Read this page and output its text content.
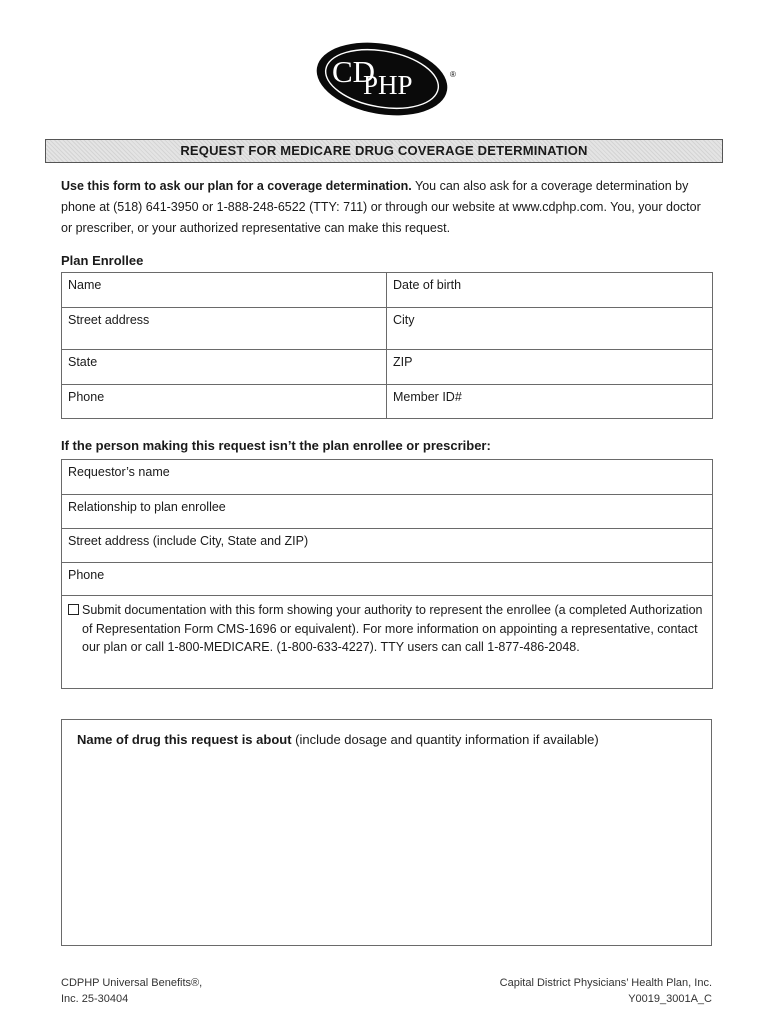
CD
PHP	®
REQUEST FOR MEDICARE DRUG COVERAGE DETERMINATION

Use this form to ask our plan for a coverage determination. You can also ask for a coverage determination by phone at (518) 641-3950 or 1-888-248-6522 (TTY: 711) or through our website at www.cdphp.com. You, your doctor or prescriber, or your authorized representative can make this request.

Plan Enrollee
Name	Date of birth
Street address	City
State	ZIP
Phone	Member ID#
If the person making this request isn’t the plan enrollee or prescriber:
Requestor’s name
Relationship to plan enrollee
Street address (include City, State and ZIP)
Phone

Submit documentation with this form showing your authority to represent the enrollee (a completed Authorization of Representation Form CMS-1696 or equivalent). For more information on appointing a representative, contact our plan or call 1-800-MEDICARE. (1-800-633-4227). TTY users can call 1-877-486-2048.
Name of drug this request is about (include dosage and quantity information if available)
CDPHP Universal Benefits®,
Inc. 25-30404
Capital District Physicians’ Health Plan, Inc.
Y0019_3001A_C
